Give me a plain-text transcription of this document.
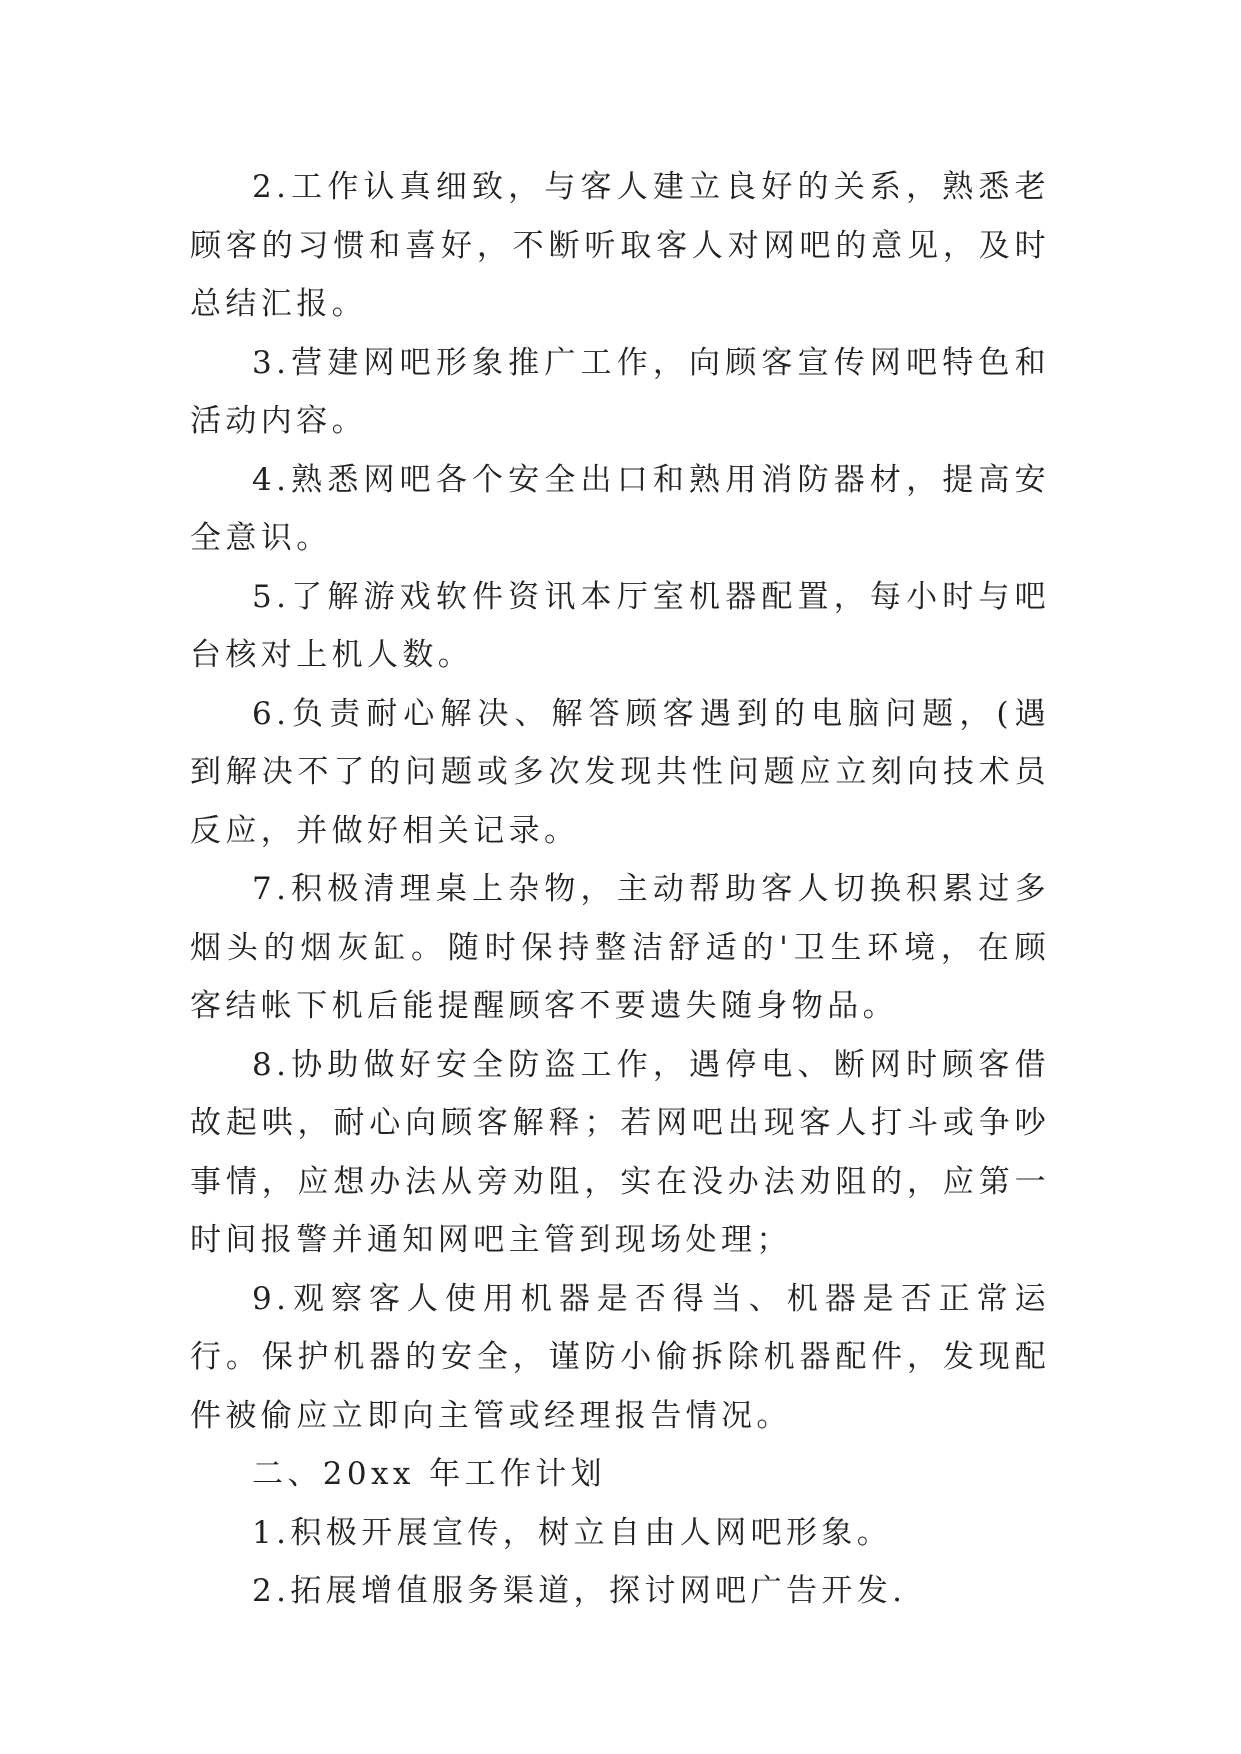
2.工作认真细致，与客人建立良好的关系，熟悉老顾客的习惯和喜好，不断听取客人对网吧的意见，及时总结汇报。

3.营建网吧形象推广工作，向顾客宣传网吧特色和活动内容。

4.熟悉网吧各个安全出口和熟用消防器材，提高安全意识。

5.了解游戏软件资讯本厅室机器配置，每小时与吧台核对上机人数。

6.负责耐心解决、解答顾客遇到的电脑问题，(遇到解决不了的问题或多次发现共性问题应立刻向技术员反应，并做好相关记录。

7.积极清理桌上杂物，主动帮助客人切换积累过多烟头的烟灰缸。随时保持整洁舒适的'卫生环境，在顾客结帐下机后能提醒顾客不要遗失随身物品。

8.协助做好安全防盗工作，遇停电、断网时顾客借故起哄，耐心向顾客解释；若网吧出现客人打斗或争吵事情，应想办法从旁劝阻，实在没办法劝阻的，应第一时间报警并通知网吧主管到现场处理；

9.观察客人使用机器是否得当、机器是否正常运行。保护机器的安全，谨防小偷拆除机器配件，发现配件被偷应立即向主管或经理报告情况。

二、20xx 年工作计划

1.积极开展宣传，树立自由人网吧形象。

2.拓展增值服务渠道，探讨网吧广告开发.
